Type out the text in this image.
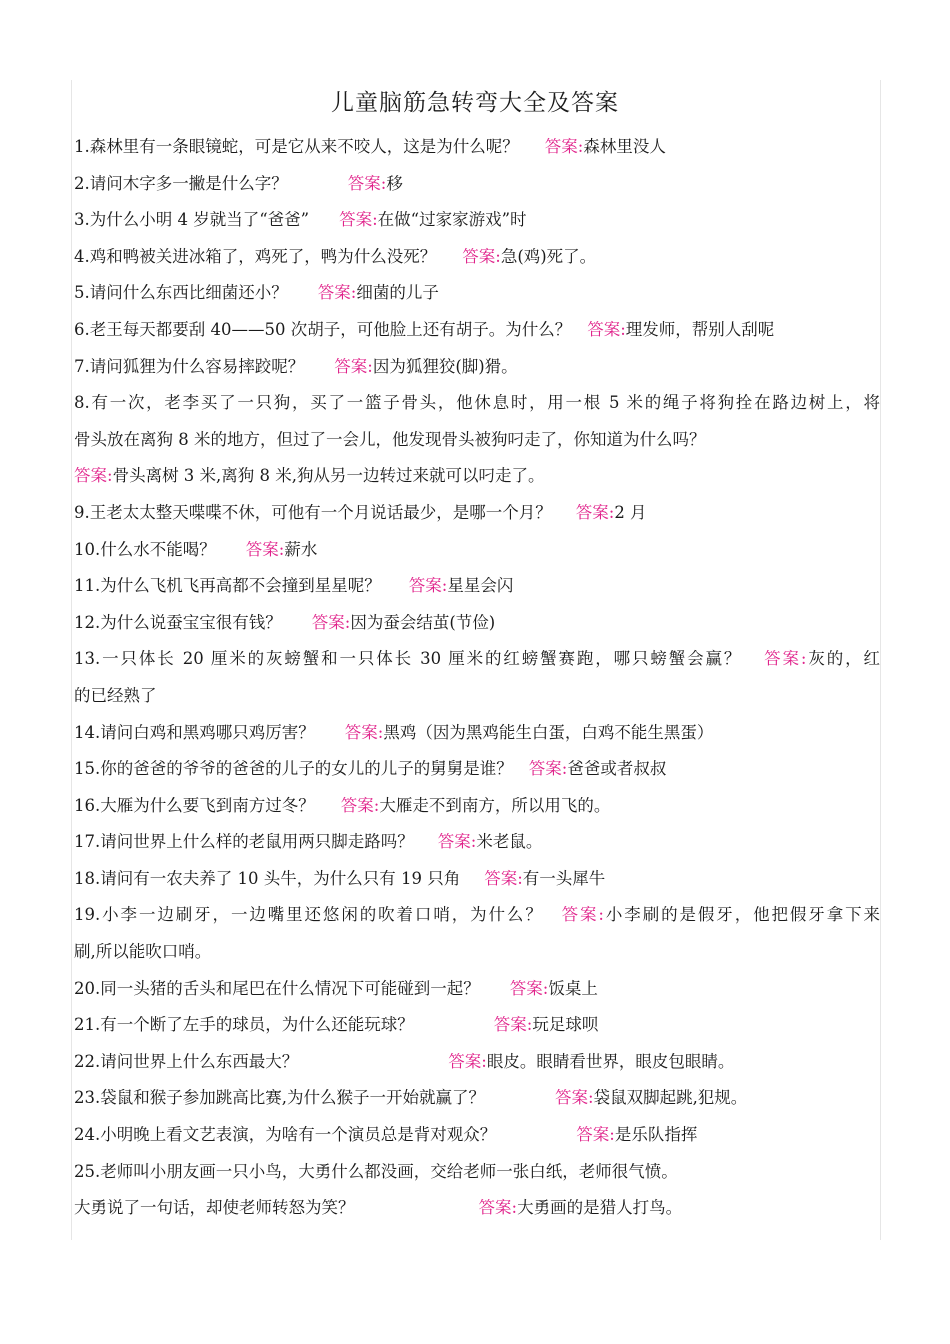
儿童脑筋急转弯大全及答案
1.森林里有一条眼镜蛇，可是它从来不咬人，这是为什么呢？ 答案:森林里没人
2.请问木字多一撇是什么字？	答案:移
3.为什么小明 4 岁就当了“爸爸” 答案:在做“过家家游戏”时
4.鸡和鸭被关进冰箱了，鸡死了，鸭为什么没死？ 答案:急(鸡)死了。
5.请问什么东西比细菌还小？ 答案:细菌的儿子
6.老王每天都要刮 40——50 次胡子，可他脸上还有胡子。为什么？ 答案:理发师，帮别人刮呢
7.请问狐狸为什么容易摔跤呢？ 答案:因为狐狸狡(脚)猾。
8.有一次，老李买了一只狗，买了一篮子骨头，他休息时，用一根 5 米的绳子将狗拴在路边树上，将
骨头放在离狗 8 米的地方，但过了一会儿，他发现骨头被狗叼走了，你知道为什么吗？
答案:骨头离树 3 米,离狗 8 米,狗从另一边转过来就可以叼走了。
9.王老太太整天喋喋不休，可他有一个月说话最少，是哪一个月？ 答案:2 月
10.什么水不能喝？ 答案:薪水
11.为什么飞机飞再高都不会撞到星星呢？ 答案:星星会闪
12.为什么说蚕宝宝很有钱？ 答案:因为蚕会结茧(节俭)
13.一只体长 20 厘米的灰螃蟹和一只体长 30 厘米的红螃蟹赛跑，哪只螃蟹会赢？ 答案:灰的，红
的已经熟了
14.请问白鸡和黑鸡哪只鸡厉害？ 答案:黑鸡（因为黑鸡能生白蛋，白鸡不能生黑蛋）
15.你的爸爸的爷爷的爸爸的儿子的女儿的儿子的舅舅是谁？ 答案:爸爸或者叔叔
16.大雁为什么要飞到南方过冬？ 答案:大雁走不到南方，所以用飞的。
17.请问世界上什么样的老鼠用两只脚走路吗？ 答案:米老鼠。
18.请问有一农夫养了 10 头牛，为什么只有 19 只角 答案:有一头犀牛
19.小李一边刷牙，一边嘴里还悠闲的吹着口哨，为什么？ 答案:小李刷的是假牙，他把假牙拿下来
刷,所以能吹口哨。
20.同一头猪的舌头和尾巴在什么情况下可能碰到一起？ 答案:饭桌上
21.有一个断了左手的球员，为什么还能玩球？	答案:玩足球呗
22.请问世界上什么东西最大？	答案:眼皮。眼睛看世界，眼皮包眼睛。
23.袋鼠和猴子参加跳高比赛,为什么猴子一开始就赢了？	答案:袋鼠双脚起跳,犯规。
24.小明晚上看文艺表演，为啥有一个演员总是背对观众？	答案:是乐队指挥
25.老师叫小朋友画一只小鸟，大勇什么都没画，交给老师一张白纸，老师很气愤。
大勇说了一句话，却使老师转怒为笑？	答案:大勇画的是猎人打鸟。
